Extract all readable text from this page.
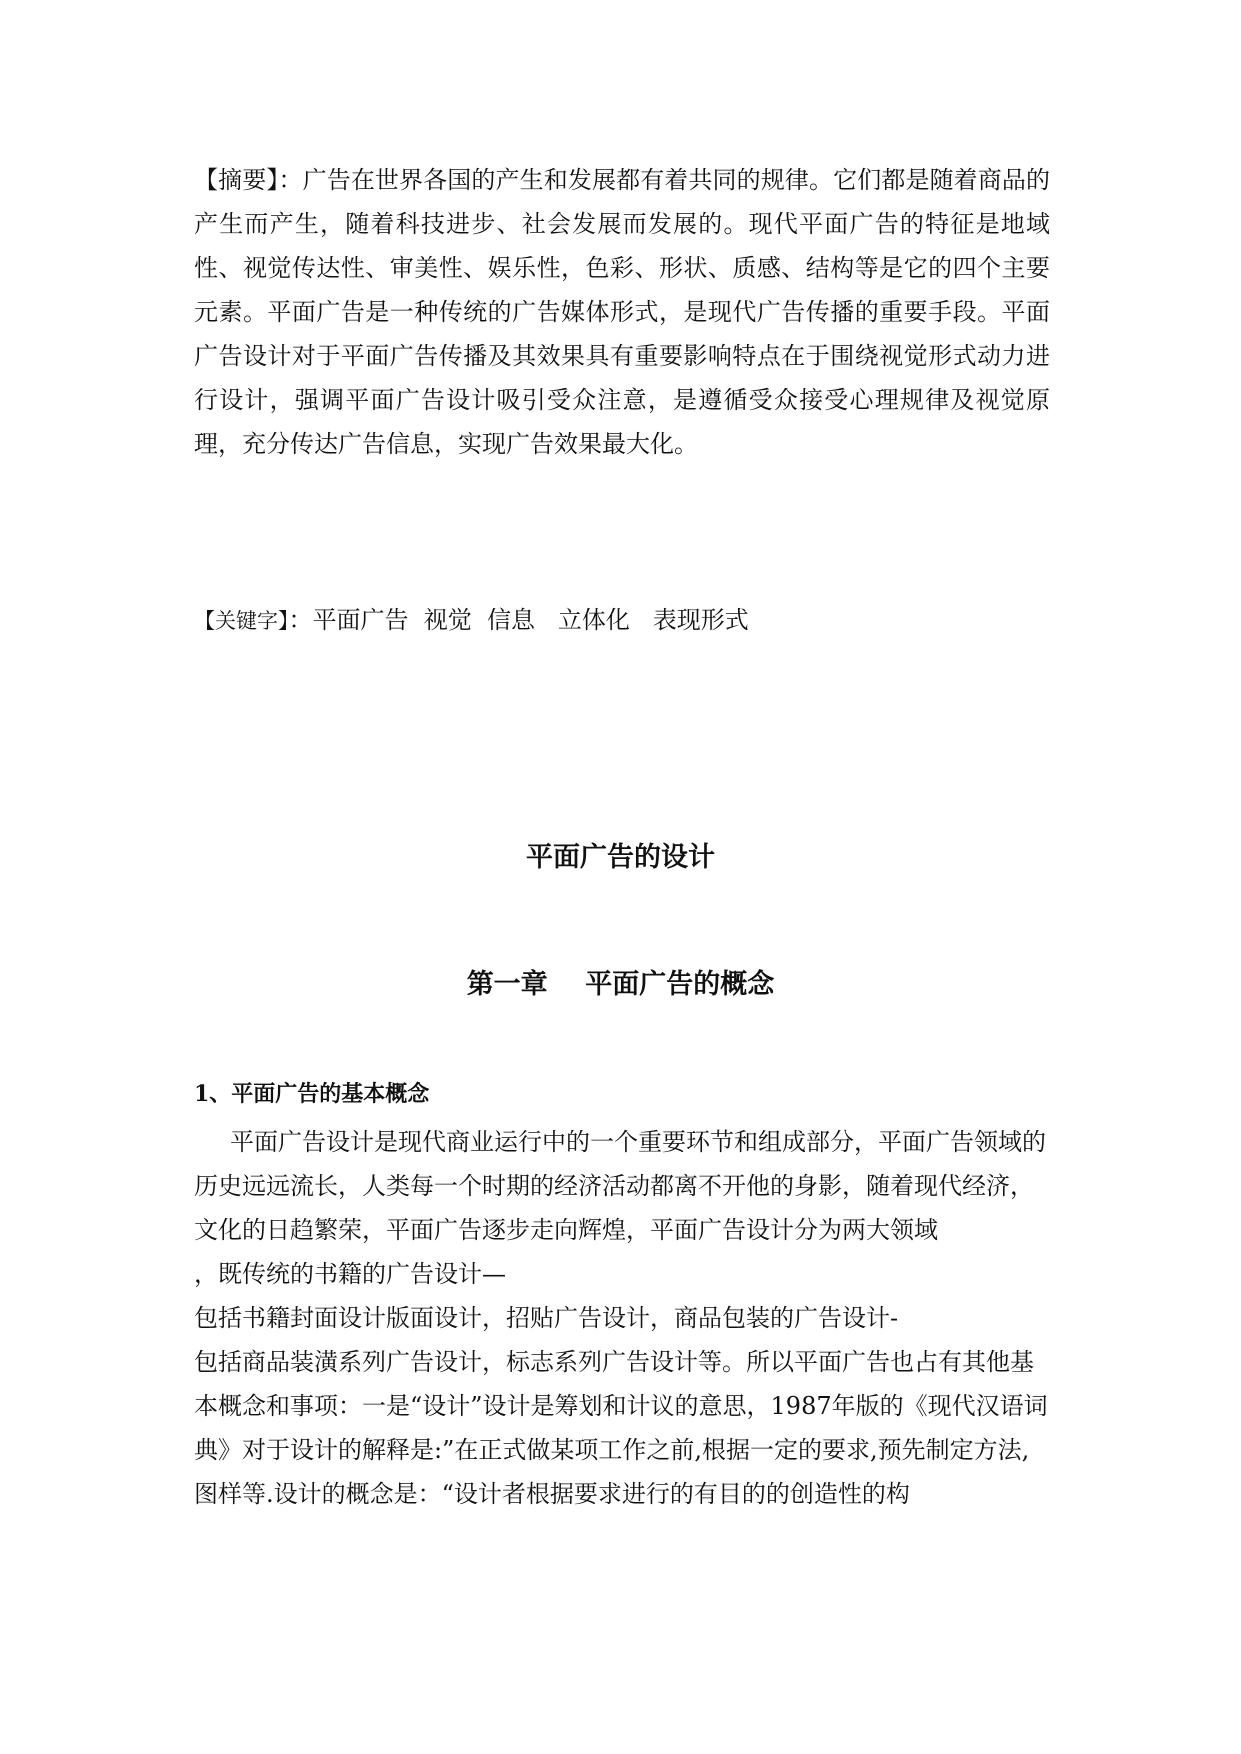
【摘要】：广告在世界各国的产生和发展都有着共同的规律。它们都是随着商品的产生而产生，随着科技进步、社会发展而发展的。现代平面广告的特征是地域性、视觉传达性、审美性、娱乐性，色彩、形状、质感、结构等是它的四个主要元素。平面广告是一种传统的广告媒体形式，是现代广告传播的重要手段。平面广告设计对于平面广告传播及其效果具有重要影响特点在于围绕视觉形式动力进行设计，强调平面广告设计吸引受众注意，是遵循受众接受心理规律及视觉原理，充分传达广告信息，实现广告效果最大化。
【关键字】：平面广告  视觉  信息   立体化   表现形式
平面广告的设计
第一章    平面广告的概念
1、平面广告的基本概念

平面广告设计是现代商业运行中的一个重要环节和组成部分，平面广告领域的历史远远流长，人类每一个时期的经济活动都离不开他的身影，随着现代经济，文化的日趋繁荣，平面广告逐步走向辉煌，平面广告设计分为两大领域

，既传统的书籍的广告设计—

包括书籍封面设计版面设计，招贴广告设计，商品包装的广告设计-

包括商品装潢系列广告设计，标志系列广告设计等。所以平面广告也占有其他基本概念和事项：一是“设计”设计是筹划和计议的意思，1987年版的《现代汉语词典》对于设计的解释是:”在正式做某项工作之前,根据一定的要求,预先制定方法,图样等.设计的概念是：“设计者根据要求进行的有目的的创造性的构
